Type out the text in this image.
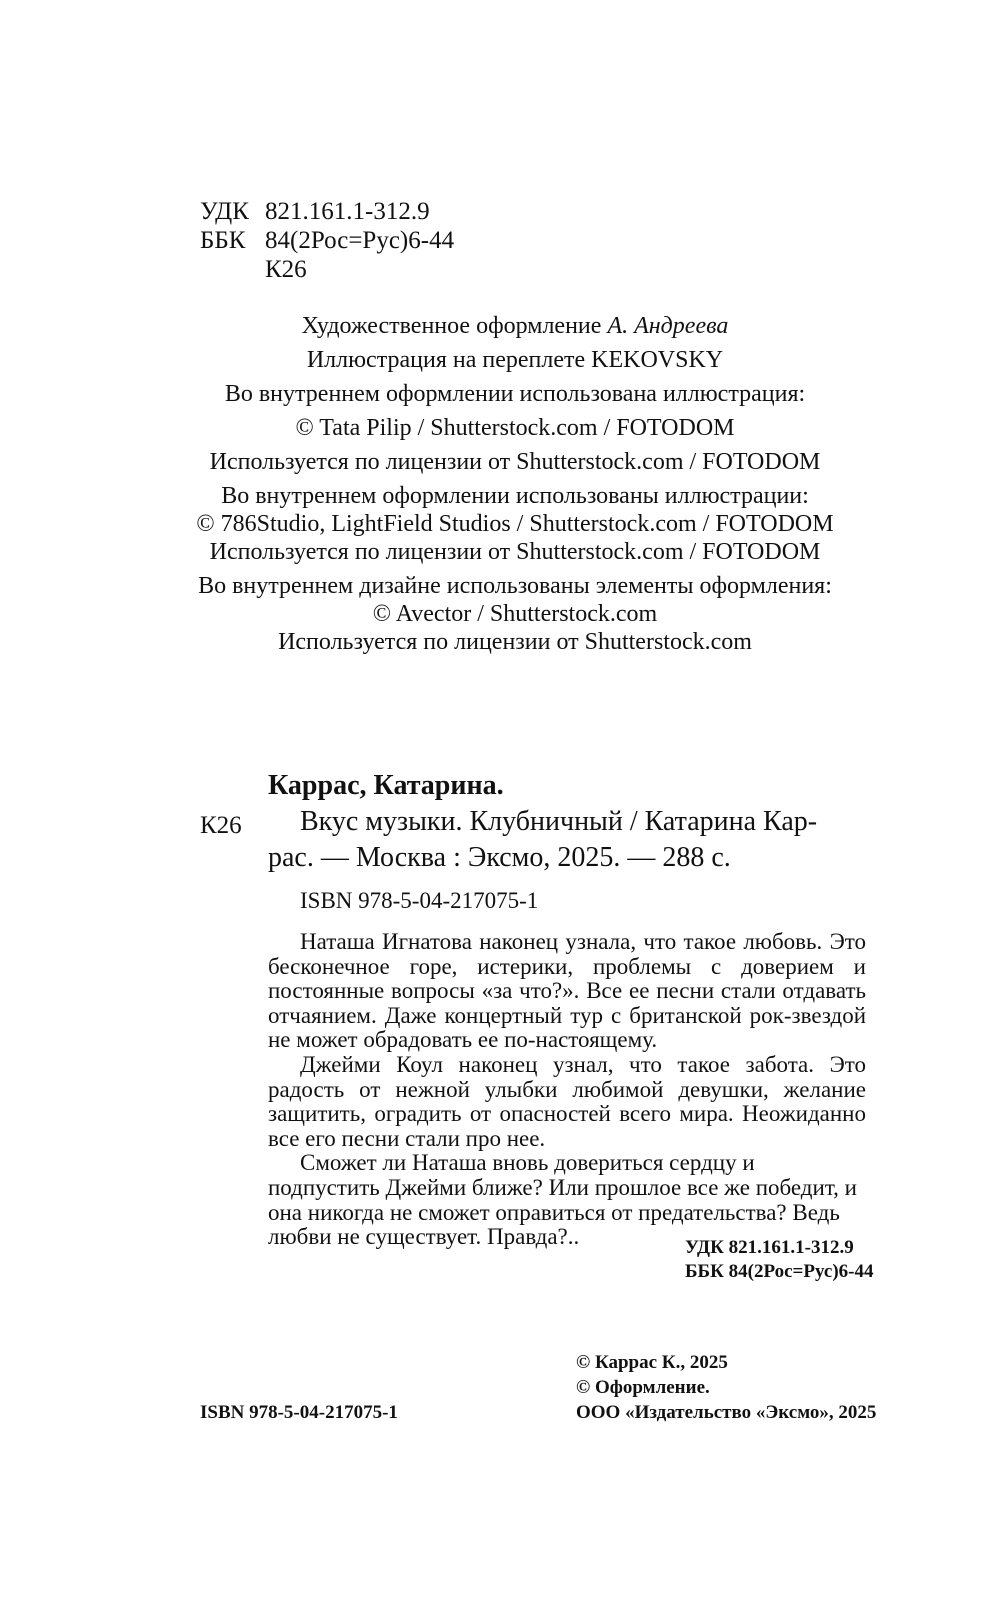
УДК 821.161.1-312.9
ББК 84(2Рос=Рус)6-44
К26
Художественное оформление А. Андреева
Иллюстрация на переплете KEKOVSKY
Во внутреннем оформлении использована иллюстрация:
© Tata Pilip / Shutterstock.com / FOTODOM
Используется по лицензии от Shutterstock.com / FOTODOM
Во внутреннем оформлении использованы иллюстрации:
© 786Studio, LightField Studios / Shutterstock.com / FOTODOM
Используется по лицензии от Shutterstock.com / FOTODOM
Во внутреннем дизайне использованы элементы оформления:
© Avector / Shutterstock.com
Используется по лицензии от Shutterstock.com
Каррас, Катарина.
К26 Вкус музыки. Клубничный / Катарина Кар-
рас. — Москва : Эксмо, 2025. — 288 с.
ISBN 978-5-04-217075-1

Наташа Игнатова наконец узнала, что такое любовь. Это бесконечное горе, истерики, проблемы с доверием и постоянные вопросы «за что?». Все ее песни стали отдавать отчаянием. Даже концертный тур с британской рок-звездой не может обрадовать ее по-настоящему.

Джейми Коул наконец узнал, что такое забота. Это радость от нежной улыбки любимой девушки, желание защитить, оградить от опасностей всего мира. Неожиданно все его песни стали про нее.

Сможет ли Наташа вновь довериться сердцу и подпустить Джейми ближе? Или прошлое все же победит, и она никогда не сможет оправиться от предательства? Ведь любви не существует. Правда?..	УДК 821.161.1-312.9
ББК 84(2Рос=Рус)6-44
© Каррас К., 2025
© Оформление.
ISBN 978-5-04-217075-1	ООО «Издательство «Эксмо», 2025
